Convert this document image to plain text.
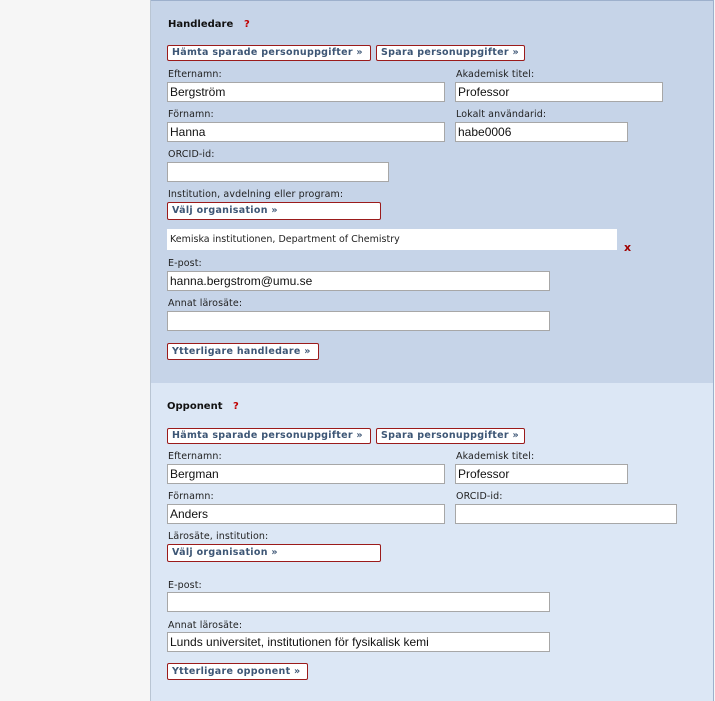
Handledare ?
Hämta sparade personuppgifter »	Spara personuppgifter »
Efternamn:
Bergström
Akademisk titel:
Professor
Förnamn:
Hanna
Lokalt användarid:
habe0006
ORCID-id:
Institution, avdelning eller program:
Välj organisation »
Kemiska institutionen, Department of Chemistry
x
E-post:
hanna.bergstrom@umu.se
Annat lärosäte:
Ytterligare handledare »
Opponent ?
Hämta sparade personuppgifter »	Spara personuppgifter »
Efternamn:
Bergman
Akademisk titel:
Professor
Förnamn:
Anders
ORCID-id:
Lärosäte, institution:
Välj organisation »
E-post:
Annat lärosäte:
Lunds universitet, institutionen för fysikalisk kemi
Ytterligare opponent »
